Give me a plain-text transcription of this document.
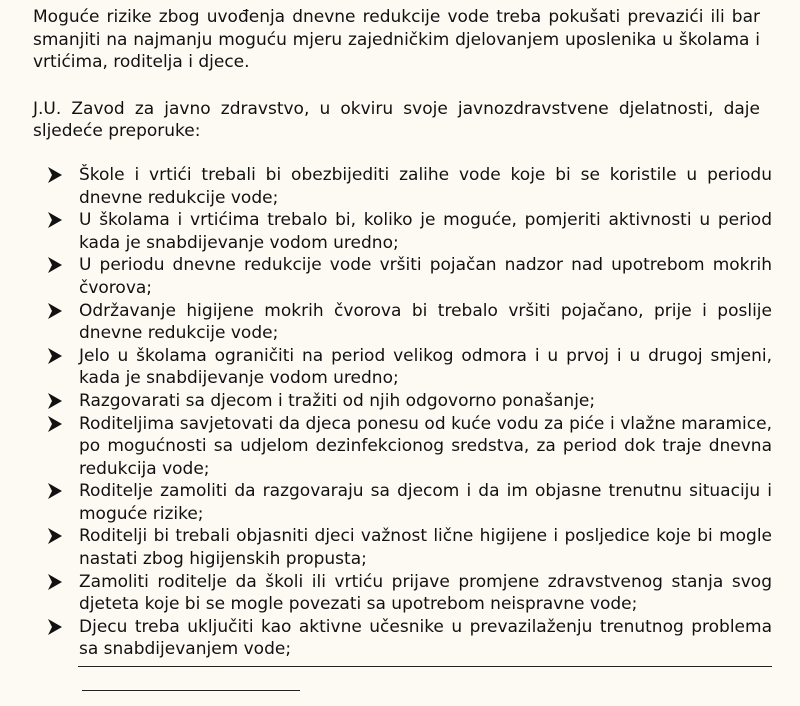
Moguće rizike zbog uvođenja dnevne redukcije vode treba pokušati prevazići ili bar smanjiti na najmanju moguću mjeru zajedničkim djelovanjem uposlenika u školama i vrtićima, roditelja i djece.

J.U. Zavod za javno zdravstvo, u okviru svoje javnozdravstvene djelatnosti, daje sljedeće preporuke:

Škole i vrtići trebali bi obezbijediti zalihe vode koje bi se koristile u periodu dnevne redukcije vode;
U školama i vrtićima trebalo bi, koliko je moguće, pomjeriti aktivnosti u period kada je snabdijevanje vodom uredno;
U periodu dnevne redukcije vode vršiti pojačan nadzor nad upotrebom mokrih čvorova;
Održavanje higijene mokrih čvorova bi trebalo vršiti pojačano, prije i poslije dnevne redukcije vode;
Jelo u školama ograničiti na period velikog odmora i u prvoj i u drugoj smjeni, kada je snabdijevanje vodom uredno;
Razgovarati sa djecom i tražiti od njih odgovorno ponašanje;
Roditeljima savjetovati da djeca ponesu od kuće vodu za piće i vlažne maramice, po mogućnosti sa udjelom dezinfekcionog sredstva, za period dok traje dnevna redukcija vode;
Roditelje zamoliti da razgovaraju sa djecom i da im objasne trenutnu situaciju i moguće rizike;
Roditelji bi trebali objasniti djeci važnost lične higijene i posljedice koje bi mogle nastati zbog higijenskih propusta;
Zamoliti roditelje da školi ili vrtiću prijave promjene zdravstvenog stanja svog djeteta koje bi se mogle povezati sa upotrebom neispravne vode;
Djecu treba uključiti kao aktivne učesnike u prevazilaženju trenutnog problema sa snabdijevanjem vode;
